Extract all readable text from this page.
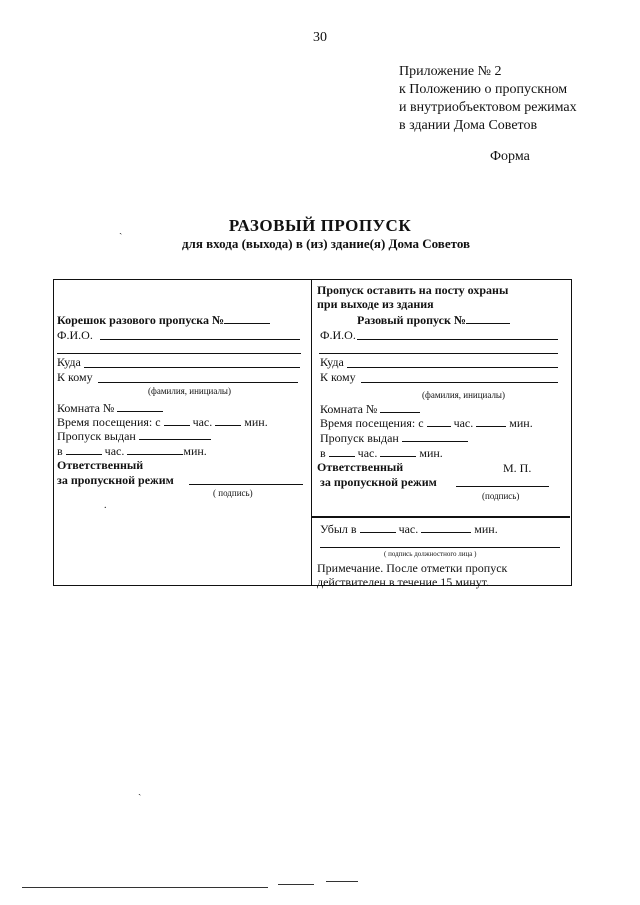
30
Приложение № 2
к Положению о пропускном
и внутриобъектовом режимах
в здании Дома Советов
Форма
ˏ	РАЗОВЫЙ ПРОПУСК
для входа (выхода) в (из) здание(я) Дома Советов
Корешок разового пропуска №
Ф.И.О.
Куда
К кому
(фамилия, инициалы)
Комната №
Время посещения: с	час.	мин.
Пропуск выдан
в	час.	мин.
Ответственный
за пропускной режим
( подпись)
.
Пропуск оставить на посту охраны
при выходе из здания
Разовый пропуск №
Ф.И.О.
Куда
К кому
(фамилия, инициалы)
Комната №
Время посещения: с	час.	мин.
Пропуск выдан
в	час.	мин.
Ответственный	М. П.
за пропускной режим
(подпись)
Убыл в	час.	мин.
( подпись должностного лица )
Примечание. После отметки пропуск
действителен в течение 15 минут.
ˏ
